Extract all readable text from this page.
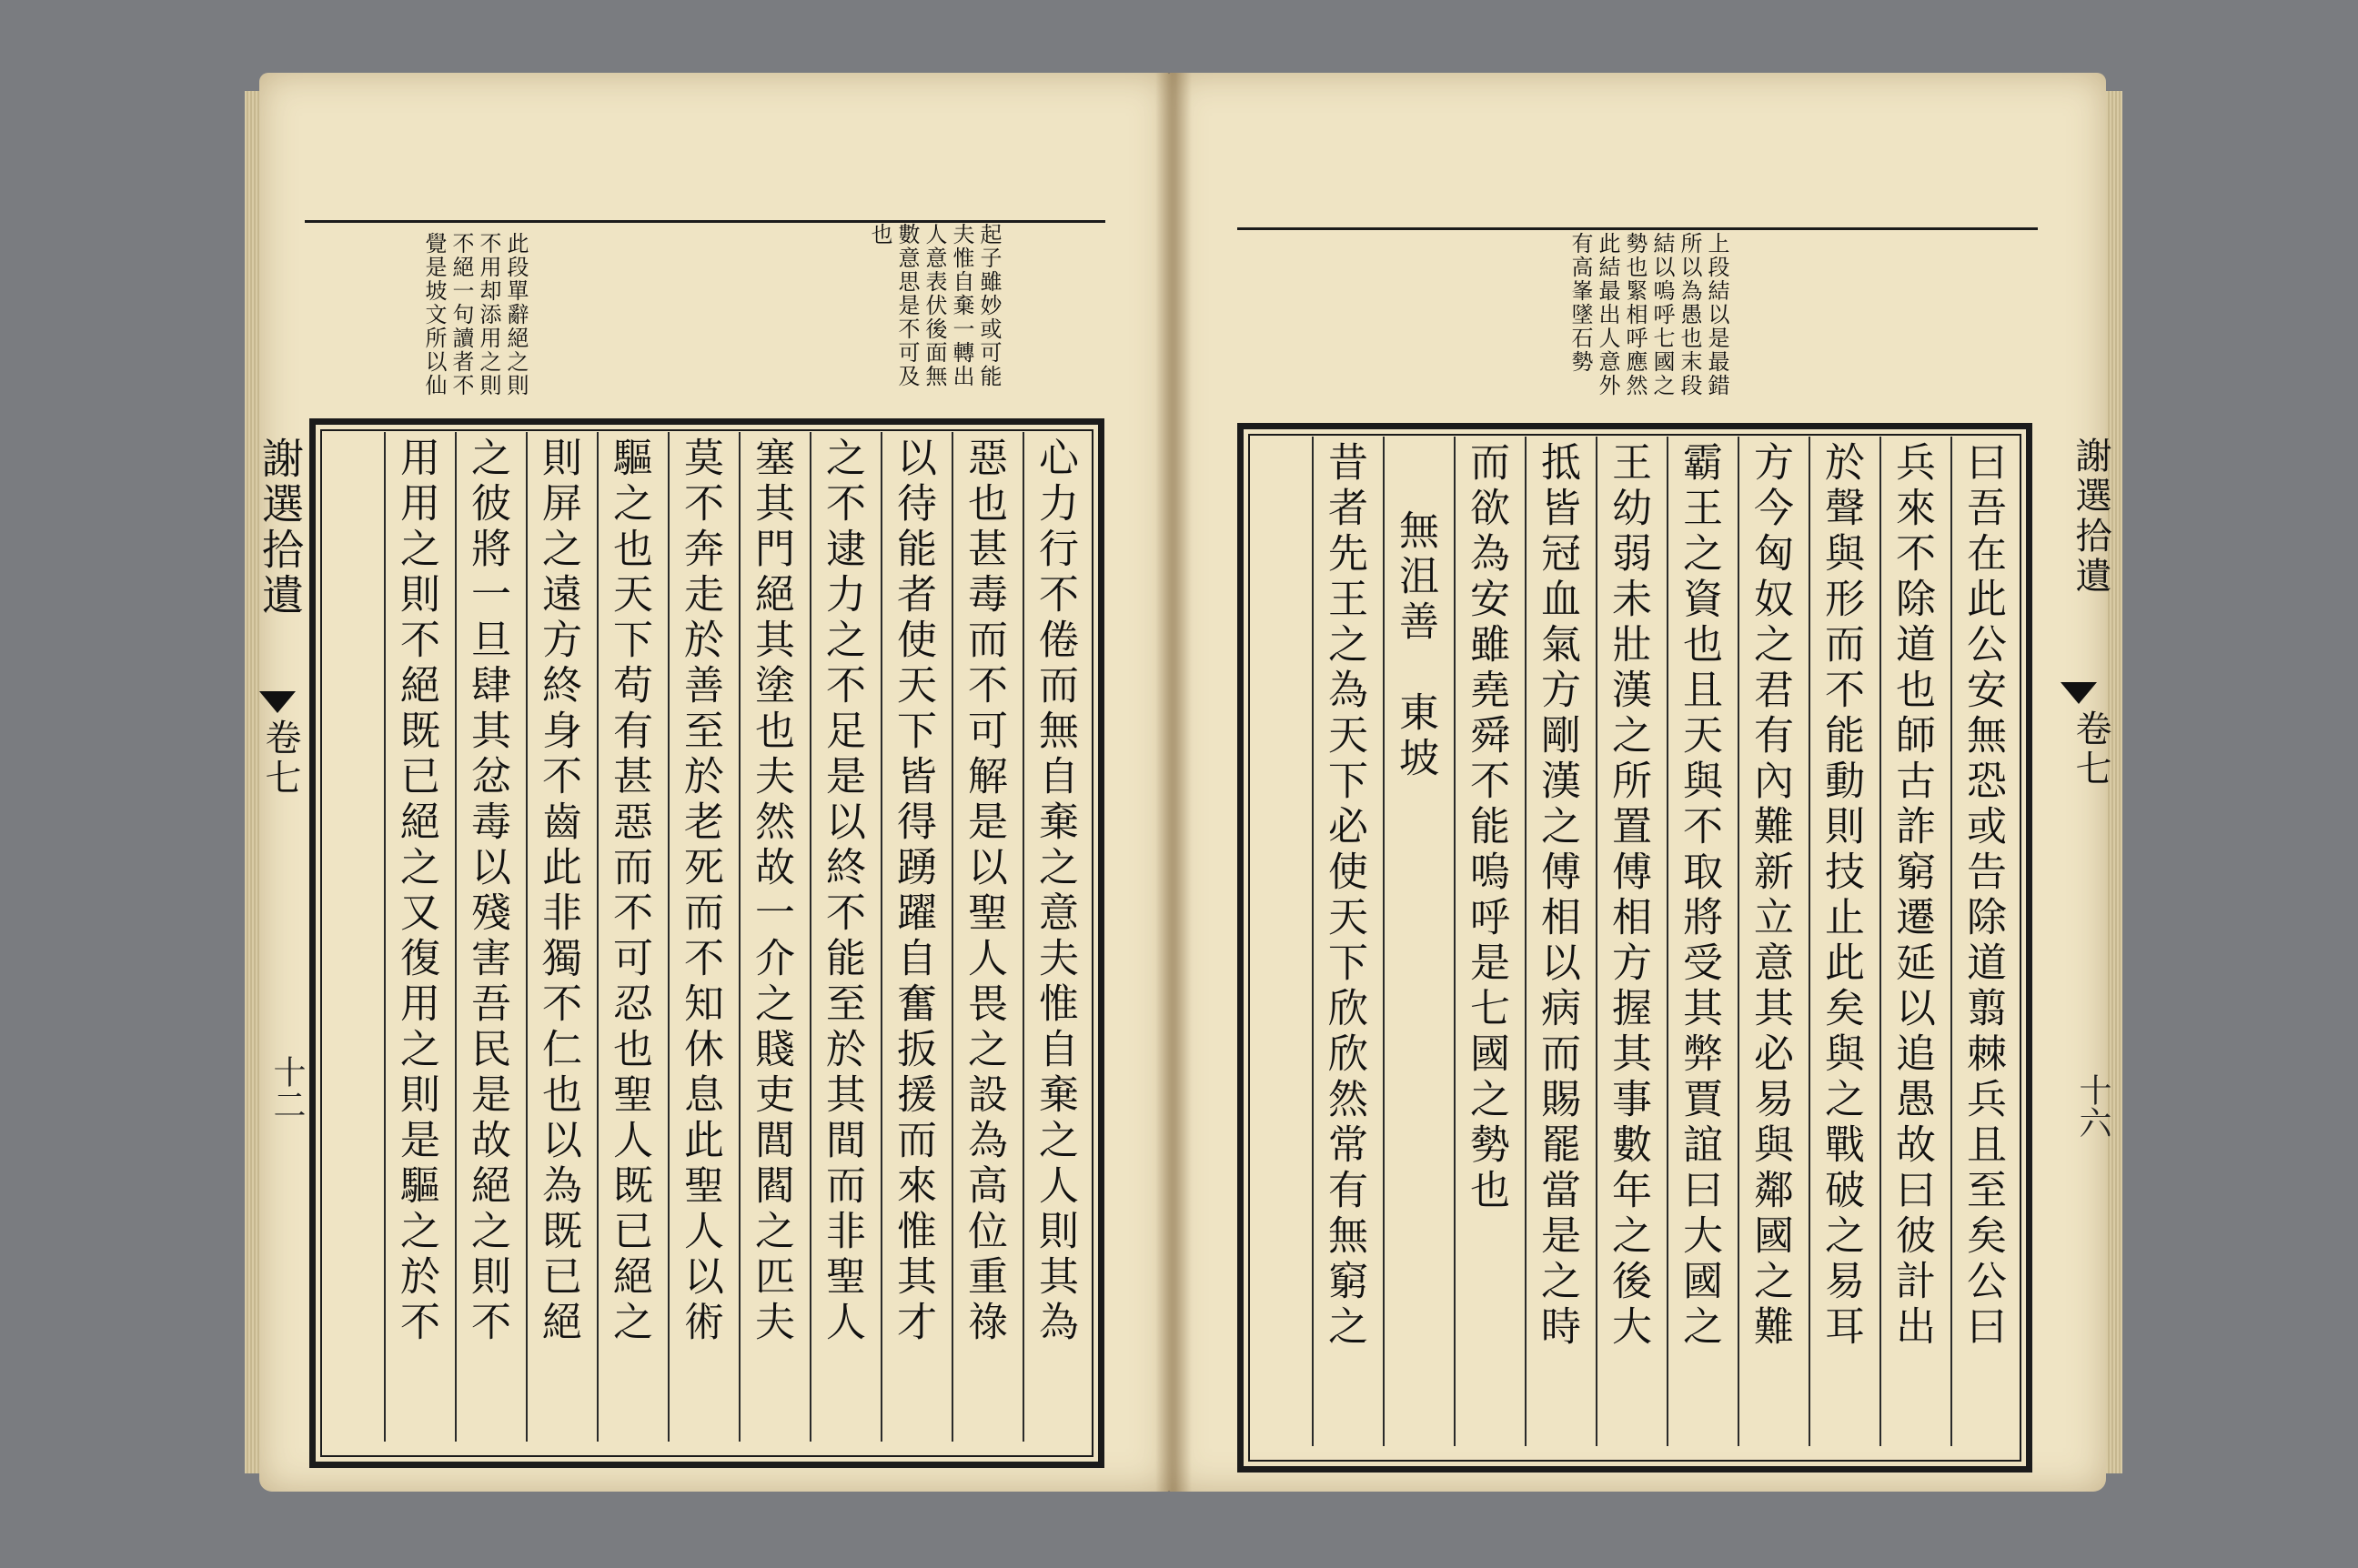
此段單辭絕之則
不用却添用之則
不絕一句讀者不
覺是坡文所以仙	起子雖妙或可能
夫惟自棄一轉出
人意表伏後面無
數意思是不可及
也
謝選拾遺
卷七
十二	心力行不倦而無自棄之意夫惟自棄之人則其為
惡也甚毒而不可解是以聖人畏之設為高位重祿
以待能者使天下皆得踴躍自奮扳援而來惟其才
之不逮力之不足是以終不能至於其間而非聖人
塞其門絕其塗也夫然故一介之賤吏閭閻之匹夫
莫不奔走於善至於老死而不知休息此聖人以術
驅之也天下苟有甚惡而不可忍也聖人既已絕之
則屏之遠方終身不齒此非獨不仁也以為既已絕
之彼將一旦肆其忿毒以殘害吾民是故絕之則不
用用之則不絕既已絕之又復用之則是驅之於不
上段結以是最錯
所以為愚也末段
結以嗚呼七國之
勢也緊相呼應然
此結最出人意外
有高峯墜石勢
謝選拾遺
卷七
十六
曰吾在此公安無恐或告除道翦棘兵且至矣公曰
兵來不除道也師古詐窮遷延以追愚故曰彼計出
於聲與形而不能動則技止此矣與之戰破之易耳
方今匈奴之君有內難新立意其必易與鄰國之難
霸王之資也且天與不取將受其弊賈誼曰大國之
王幼弱未壯漢之所置傅相方握其事數年之後大
抵皆冠血氣方剛漢之傅相以病而賜罷當是之時
而欲為安雖堯舜不能嗚呼是七國之勢也
無沮善　東坡
昔者先王之為天下必使天下欣欣然常有無窮之
